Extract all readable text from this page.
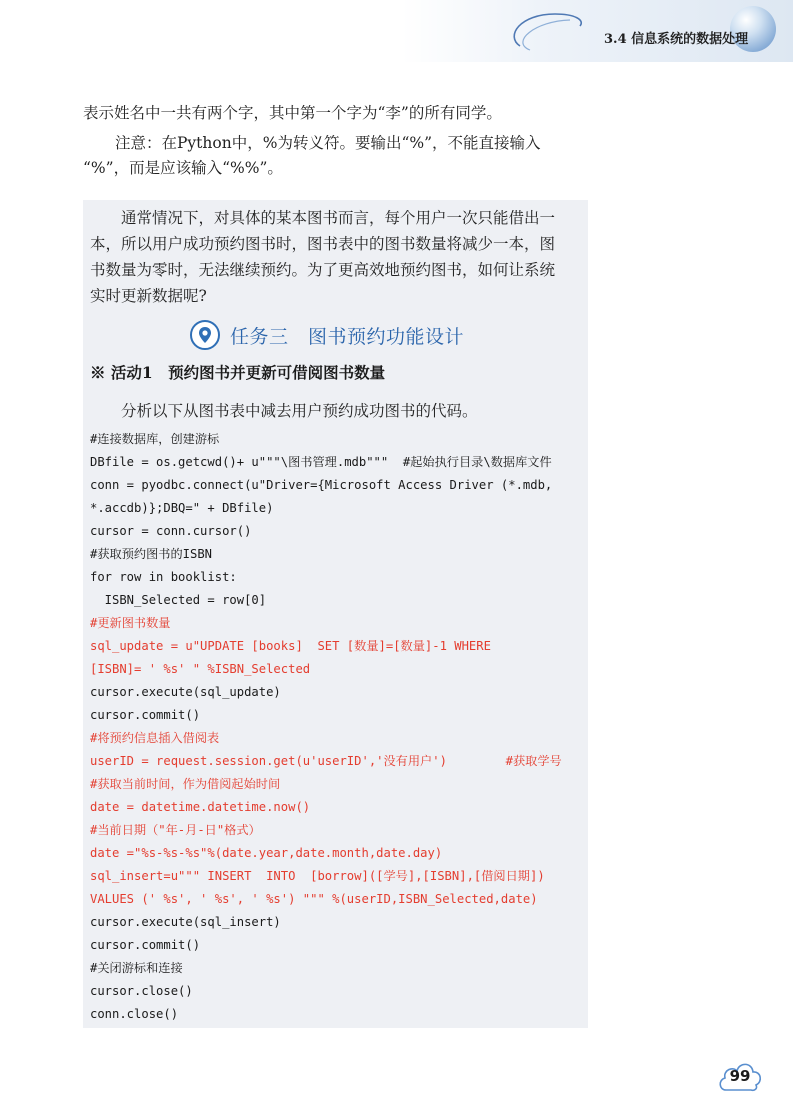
3.4 信息系统的数据处理
表示姓名中一共有两个字，其中第一个字为“李”的所有同学。
注意：在Python中，%为转义符。要输出“%”，不能直接输入
“%”，而是应该输入“%%”。
通常情况下，对具体的某本图书而言，每个用户一次只能借出一
本，所以用户成功预约图书时，图书表中的图书数量将减少一本，图
书数量为零时，无法继续预约。为了更高效地预约图书，如何让系统
实时更新数据呢?
任务三　图书预约功能设计
※ 活动1　预约图书并更新可借阅图书数量
分析以下从图书表中减去用户预约成功图书的代码。
#连接数据库，创建游标
DBfile = os.getcwd()+ u"""\图书管理.mdb"""  #起始执行目录\数据库文件
conn = pyodbc.connect(u"Driver={Microsoft Access Driver (*.mdb,
*.accdb)};DBQ=" + DBfile)
cursor = conn.cursor()
#获取预约图书的ISBN
for row in booklist:
ISBN_Selected = row[0]
#更新图书数量
sql_update = u"UPDATE [books]  SET [数量]=[数量]-1 WHERE
[ISBN]= ' %s' " %ISBN_Selected
cursor.execute(sql_update)
cursor.commit()
#将预约信息插入借阅表
userID = request.session.get(u'userID','没有用户')        #获取学号
#获取当前时间，作为借阅起始时间
date = datetime.datetime.now()
#当前日期（"年-月-日"格式）
date ="%s-%s-%s"%(date.year,date.month,date.day)
sql_insert=u""" INSERT  INTO  [borrow]([学号],[ISBN],[借阅日期])
VALUES (' %s', ' %s', ' %s') """ %(userID,ISBN_Selected,date)
cursor.execute(sql_insert)
cursor.commit()
#关闭游标和连接
cursor.close()
conn.close()
99
